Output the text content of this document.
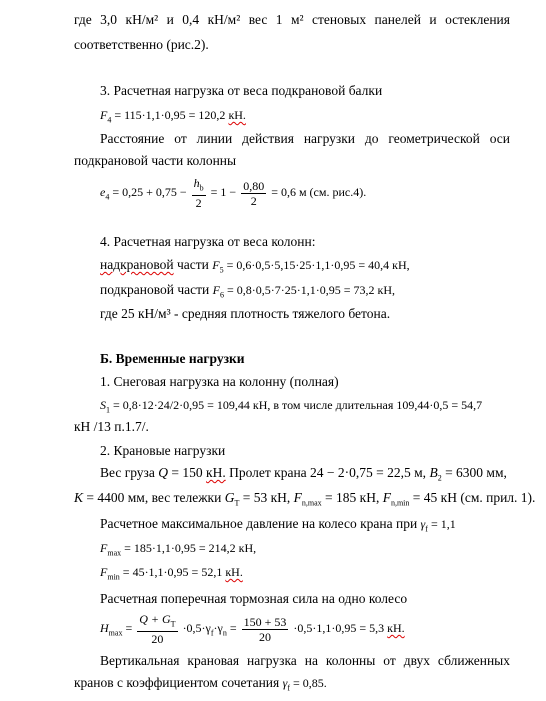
где 3,0 кН/м² и 0,4 кН/м² вес 1 м² стеновых панелей и остекления
соответственно (рис.2).
3. Расчетная нагрузка от веса подкрановой балки
$F_4 = 115\cdot 1,1\cdot 0,95 = 120,2$ кН.
Расстояние от линии действия нагрузки до геометрической оси
подкрановой части колонны
$e_4 = 0,25 + 0,75 - \frac{h_b}{2} = 1 - \frac{0,80}{2} = 0,6$ м (см. рис.4).
4. Расчетная нагрузка от веса колонн:
надкрановой части $F_5 = 0,6\cdot 0,5\cdot 5,15\cdot 25\cdot 1,1\cdot 0,95 = 40,4$ кН,
подкрановой части $F_6 = 0,8\cdot 0,5\cdot 7\cdot 25\cdot 1,1\cdot 0,95 = 73,2$ кН,
где 25 кН/м³ - средняя плотность тяжелого бетона.
Б. Временные нагрузки
1. Снеговая нагрузка на колонну (полная)
$S_1 = 0,8\cdot 12\cdot 24/2\cdot 0,95 = 109,44$ кН, в том числе длительная 109,44·0,5 = 54,7
кН /13 п.1.7/.
2. Крановые нагрузки
Вес груза Q = 150 кН. Пролет крана 24 − 2·0,75 = 22,5 м, $B_2 = 6300$ мм,
K = 4400 мм, вес тележки $G_T = 53$ кН, $F_{n,max} = 185$ кН, $F_{n,min} = 45$ кН (см. прил. 1).
Расчетное максимальное давление на колесо крана при $\gamma_f = 1,1$
$F_{max} = 185\cdot 1,1\cdot 0,95 = 214,2$ кН,
$F_{min} = 45\cdot 1,1\cdot 0,95 = 52,1$ кН.
Расчетная поперечная тормозная сила на одно колесо
$H_{max} = \frac{Q + G_T}{20} \cdot 0,5\cdot\gamma_f\cdot\gamma_n = \frac{150 + 53}{20} \cdot 0,5\cdot 1,1\cdot 0,95 = 5,3$ кН.
Вертикальная крановая нагрузка на колонны от двух сближенных
кранов с коэффициентом сочетания $\gamma_f = 0,85$.
